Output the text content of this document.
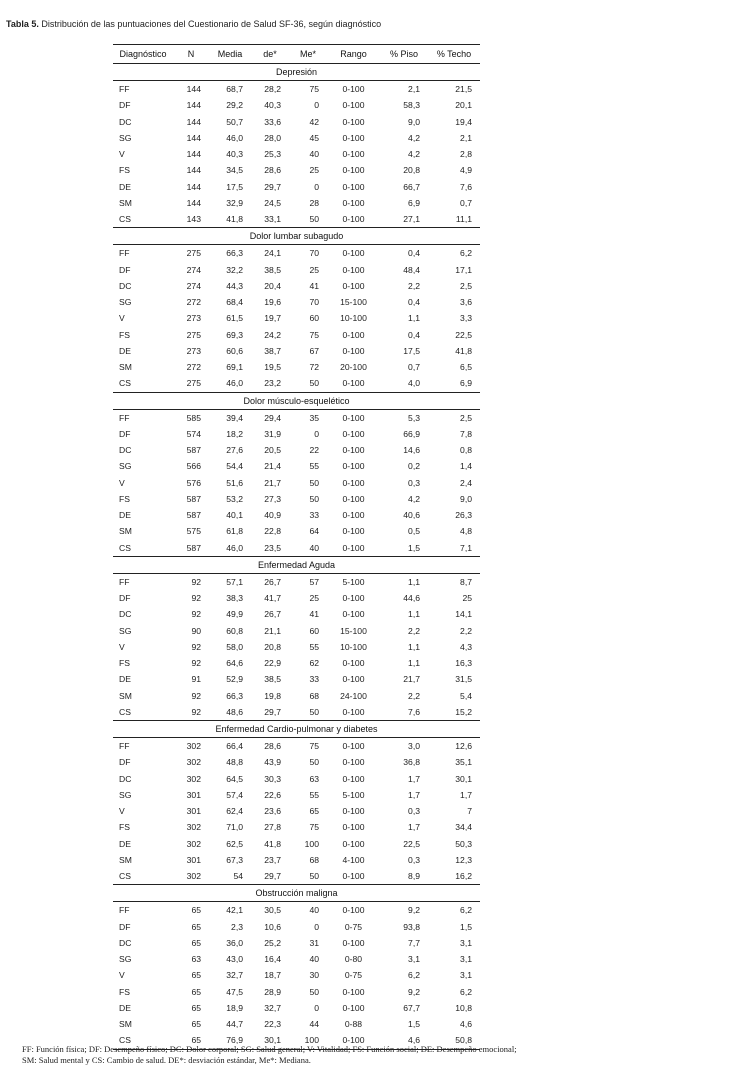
Tabla 5. Distribución de las puntuaciones del Cuestionario de Salud SF-36, según diagnóstico
Diagnóstico	N	Media	de*	Me*	Rango	% Piso	% Techo
Depresión							
FF	144	68,7	28,2	75	0-100	2,1	21,5
DF	144	29,2	40,3	0	0-100	58,3	20,1
DC	144	50,7	33,6	42	0-100	9,0	19,4
SG	144	46,0	28,0	45	0-100	4,2	2,1
V	144	40,3	25,3	40	0-100	4,2	2,8
FS	144	34,5	28,6	25	0-100	20,8	4,9
DE	144	17,5	29,7	0	0-100	66,7	7,6
SM	144	32,9	24,5	28	0-100	6,9	0,7
CS	143	41,8	33,1	50	0-100	27,1	11,1
Dolor lumbar subagudo							
FF	275	66,3	24,1	70	0-100	0,4	6,2
DF	274	32,2	38,5	25	0-100	48,4	17,1
DC	274	44,3	20,4	41	0-100	2,2	2,5
SG	272	68,4	19,6	70	15-100	0,4	3,6
V	273	61,5	19,7	60	10-100	1,1	3,3
FS	275	69,3	24,2	75	0-100	0,4	22,5
DE	273	60,6	38,7	67	0-100	17,5	41,8
SM	272	69,1	19,5	72	20-100	0,7	6,5
CS	275	46,0	23,2	50	0-100	4,0	6,9
Dolor músculo-esquelético							
FF	585	39,4	29,4	35	0-100	5,3	2,5
DF	574	18,2	31,9	0	0-100	66,9	7,8
DC	587	27,6	20,5	22	0-100	14,6	0,8
SG	566	54,4	21,4	55	0-100	0,2	1,4
V	576	51,6	21,7	50	0-100	0,3	2,4
FS	587	53,2	27,3	50	0-100	4,2	9,0
DE	587	40,1	40,9	33	0-100	40,6	26,3
SM	575	61,8	22,8	64	0-100	0,5	4,8
CS	587	46,0	23,5	40	0-100	1,5	7,1
Enfermedad Aguda							
FF	92	57,1	26,7	57	5-100	1,1	8,7
DF	92	38,3	41,7	25	0-100	44,6	25
DC	92	49,9	26,7	41	0-100	1,1	14,1
SG	90	60,8	21,1	60	15-100	2,2	2,2
V	92	58,0	20,8	55	10-100	1,1	4,3
FS	92	64,6	22,9	62	0-100	1,1	16,3
DE	91	52,9	38,5	33	0-100	21,7	31,5
SM	92	66,3	19,8	68	24-100	2,2	5,4
CS	92	48,6	29,7	50	0-100	7,6	15,2
Enfermedad Cardio-pulmonar y diabetes							
FF	302	66,4	28,6	75	0-100	3,0	12,6
DF	302	48,8	43,9	50	0-100	36,8	35,1
DC	302	64,5	30,3	63	0-100	1,7	30,1
SG	301	57,4	22,6	55	5-100	1,7	1,7
V	301	62,4	23,6	65	0-100	0,3	7
FS	302	71,0	27,8	75	0-100	1,7	34,4
DE	302	62,5	41,8	100	0-100	22,5	50,3
SM	301	67,3	23,7	68	4-100	0,3	12,3
CS	302	54	29,7	50	0-100	8,9	16,2
Obstrucción maligna							
FF	65	42,1	30,5	40	0-100	9,2	6,2
DF	65	2,3	10,6	0	0-75	93,8	1,5
DC	65	36,0	25,2	31	0-100	7,7	3,1
SG	63	43,0	16,4	40	0-80	3,1	3,1
V	65	32,7	18,7	30	0-75	6,2	3,1
FS	65	47,5	28,9	50	0-100	9,2	6,2
DE	65	18,9	32,7	0	0-100	67,7	10,8
SM	65	44,7	22,3	44	0-88	1,5	4,6
CS	65	76,9	30,1	100	0-100	4,6	50,8
FF: Función física; DF: Desempeño físico; DC: Dolor corporal; SG: Salud general; V: Vitalidad; FS: Función social; DE: Desempeño emocional;
SM: Salud mental y CS: Cambio de salud. DE*: desviación estándar, Me*: Mediana.
